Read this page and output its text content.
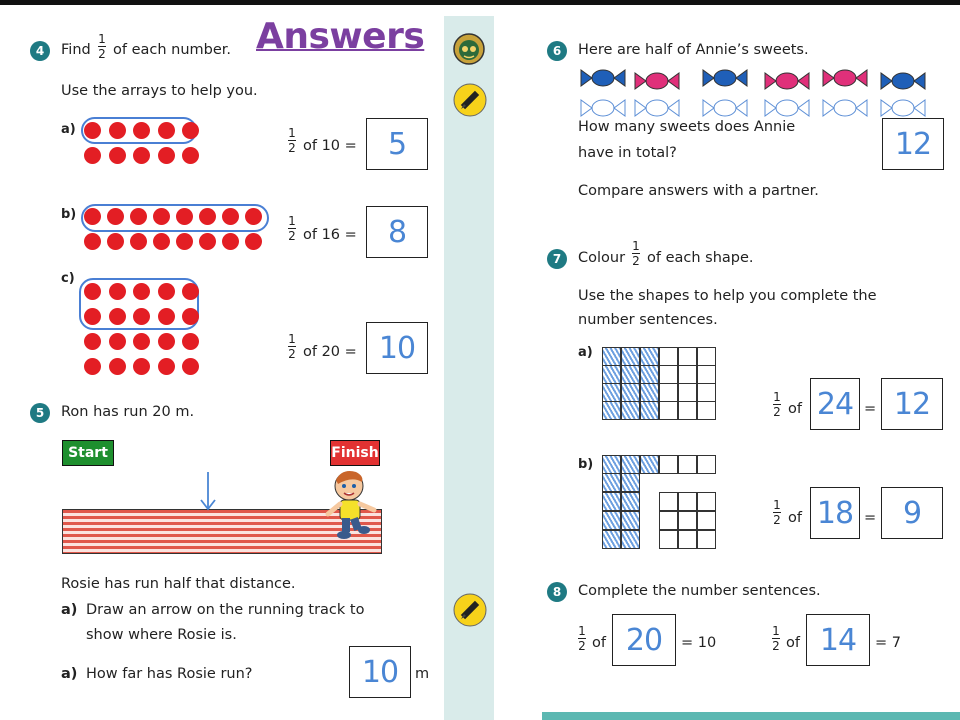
Answers
4	Find
1
2 of each number.
Use the arrays to help you.
a)	1
2 of 10 =	5
b)	1
2 of 16 =	8
c)
1
2 of 20 = 10
5	Ron has run 20 m.
Start	Finish
Rosie has run half that distance.
a) Draw an arrow on the running track to
show where Rosie is.
a) How far has Rosie run?	10	m
6	Here are half of Annie’s sweets.
How many sweets does Annie
have in total?	12
Compare answers with a partner.
7	Colour
1
2 of each shape.
Use the shapes to help you complete the
number sentences.
a)
1
2 of 24 = 12
b)
1
2 of 18 = 9
8	Complete the number sentences.
1
2 of 20	= 10
1
2 of 14	= 7
